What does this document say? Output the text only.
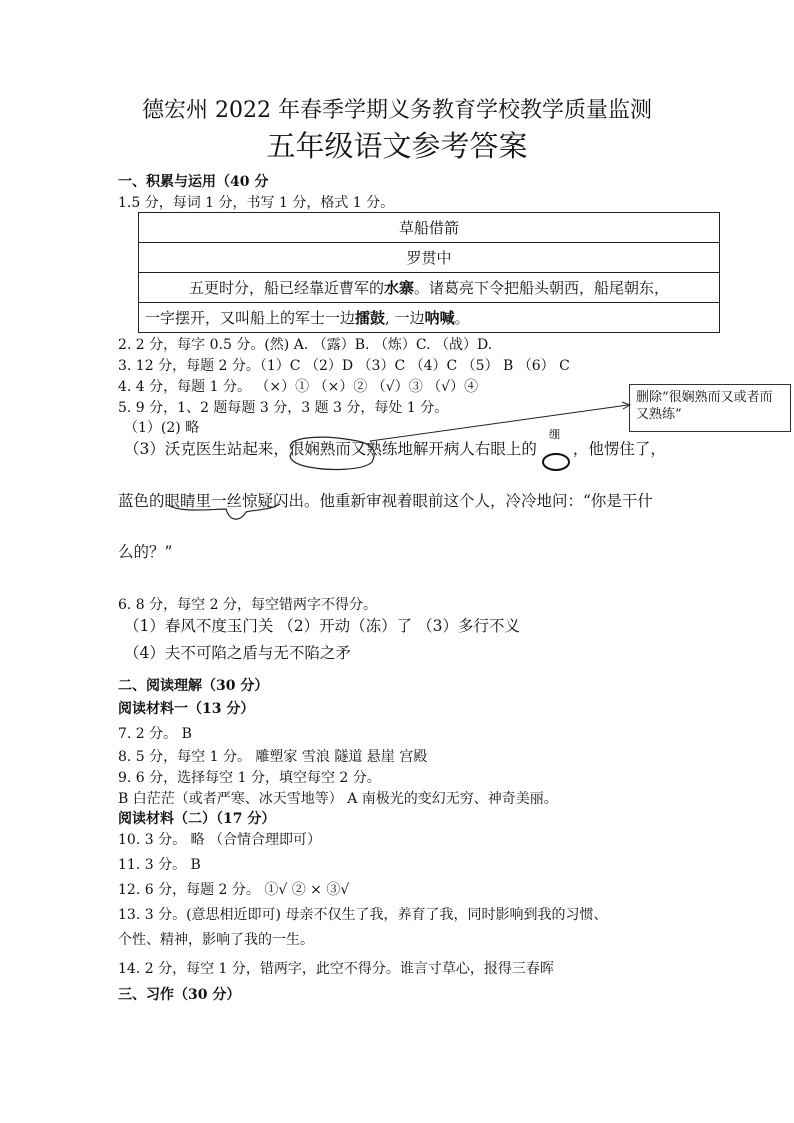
德宏州 2022 年春季学期义务教育学校教学质量监测
五年级语文参考答案
一、积累与运用（40 分
1.5 分，每词 1 分，书写 1 分，格式 1 分。
草船借箭
罗贯中
五更时分，船已经靠近曹军的水寨。诸葛亮下令把船头朝西，船尾朝东，
一字摆开，又叫船上的军士一边擂鼓, 一边呐喊。
2. 2 分，每字 0.5 分。(然) A. （露）B. （炼）C. （战）D.
3. 12 分，每题 2 分。（1）C （2）D （3）C （4）C （5） B （6） C
4. 4 分，每题 1 分。 （×）① （×）② （√）③ （√）④
5. 9 分，1、2 题每题 3 分，3 题 3 分，每处 1 分。
（1）(2) 略
（3）沃克医生站起来，很娴熟而又熟练地解开病人右眼上的 ，他愣住了，
绷
蓝色的眼睛里一丝惊疑闪出。他重新审视着眼前这个人，冷冷地问：“你是干什
么的？”
删除“很娴熟而又或者而又熟练”
6. 8 分，每空 2 分，每空错两字不得分。
（1）春风不度玉门关 （2）开动（冻）了 （3）多行不义
（4）夫不可陷之盾与无不陷之矛
二、阅读理解（30 分）
阅读材料一（13 分）
7. 2 分。 B
8. 5 分，每空 1 分。 雕塑家 雪浪 隧道 悬崖 宫殿
9. 6 分，选择每空 1 分，填空每空 2 分。
B 白茫茫（或者严寒、冰天雪地等） A 南极光的变幻无穷、神奇美丽。
阅读材料（二）（17 分）
10. 3 分。 略 （合情合理即可）
11. 3 分。 B
12. 6 分，每题 2 分。 ①√ ② × ③√
13. 3 分。(意思相近即可) 母亲不仅生了我，养育了我，同时影响到我的习惯、
个性、精神，影响了我的一生。
14. 2 分，每空 1 分，错两字，此空不得分。谁言寸草心，报得三春晖
三、习作（30 分）
